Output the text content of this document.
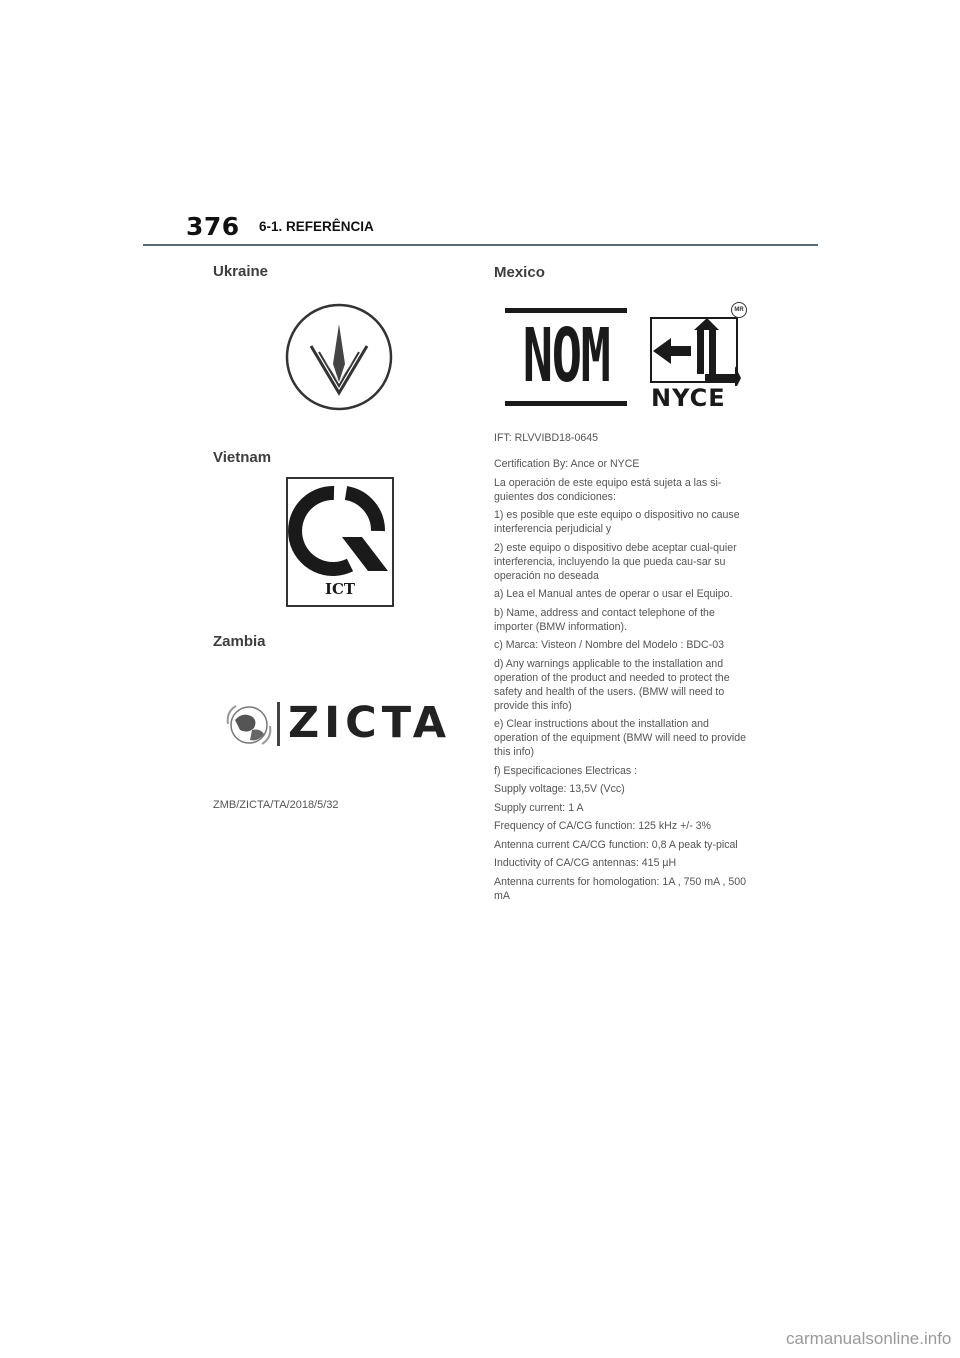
376 6-1. REFERÊNCIA
Ukraine
Vietnam
ICT
Zambia
ZICTA
ZMB/ZICTA/TA/2018/5/32
Mexico
NOM	NYCE
MR

IFT: RLVVIBD18-0645

Certification By: Ance or NYCE

La operación de este equipo está sujeta a las si-guientes dos condiciones:

1) es posible que este equipo o dispositivo no cause interferencia perjudicial y

2) este equipo o dispositivo debe aceptar cual-quier interferencia, incluyendo la que pueda cau-sar su operación no deseada

a) Lea el Manual antes de operar o usar el Equipo.

b) Name, address and contact telephone of the importer (BMW information).

c) Marca: Visteon / Nombre del Modelo : BDC-03

d) Any warnings applicable to the installation and operation of the product and needed to protect the safety and health of the users. (BMW will need to provide this info)

e) Clear instructions about the installation and operation of the equipment (BMW will need to provide this info)

f) Especificaciones Electricas :

Supply voltage: 13,5V (Vcc)

Supply current: 1 A

Frequency of CA/CG function: 125 kHz +/- 3%

Antenna current CA/CG function: 0,8 A peak ty-pical

Inductivity of CA/CG antennas: 415 µH

Antenna currents for homologation: 1A , 750 mA , 500 mA

carmanualsonline.info
